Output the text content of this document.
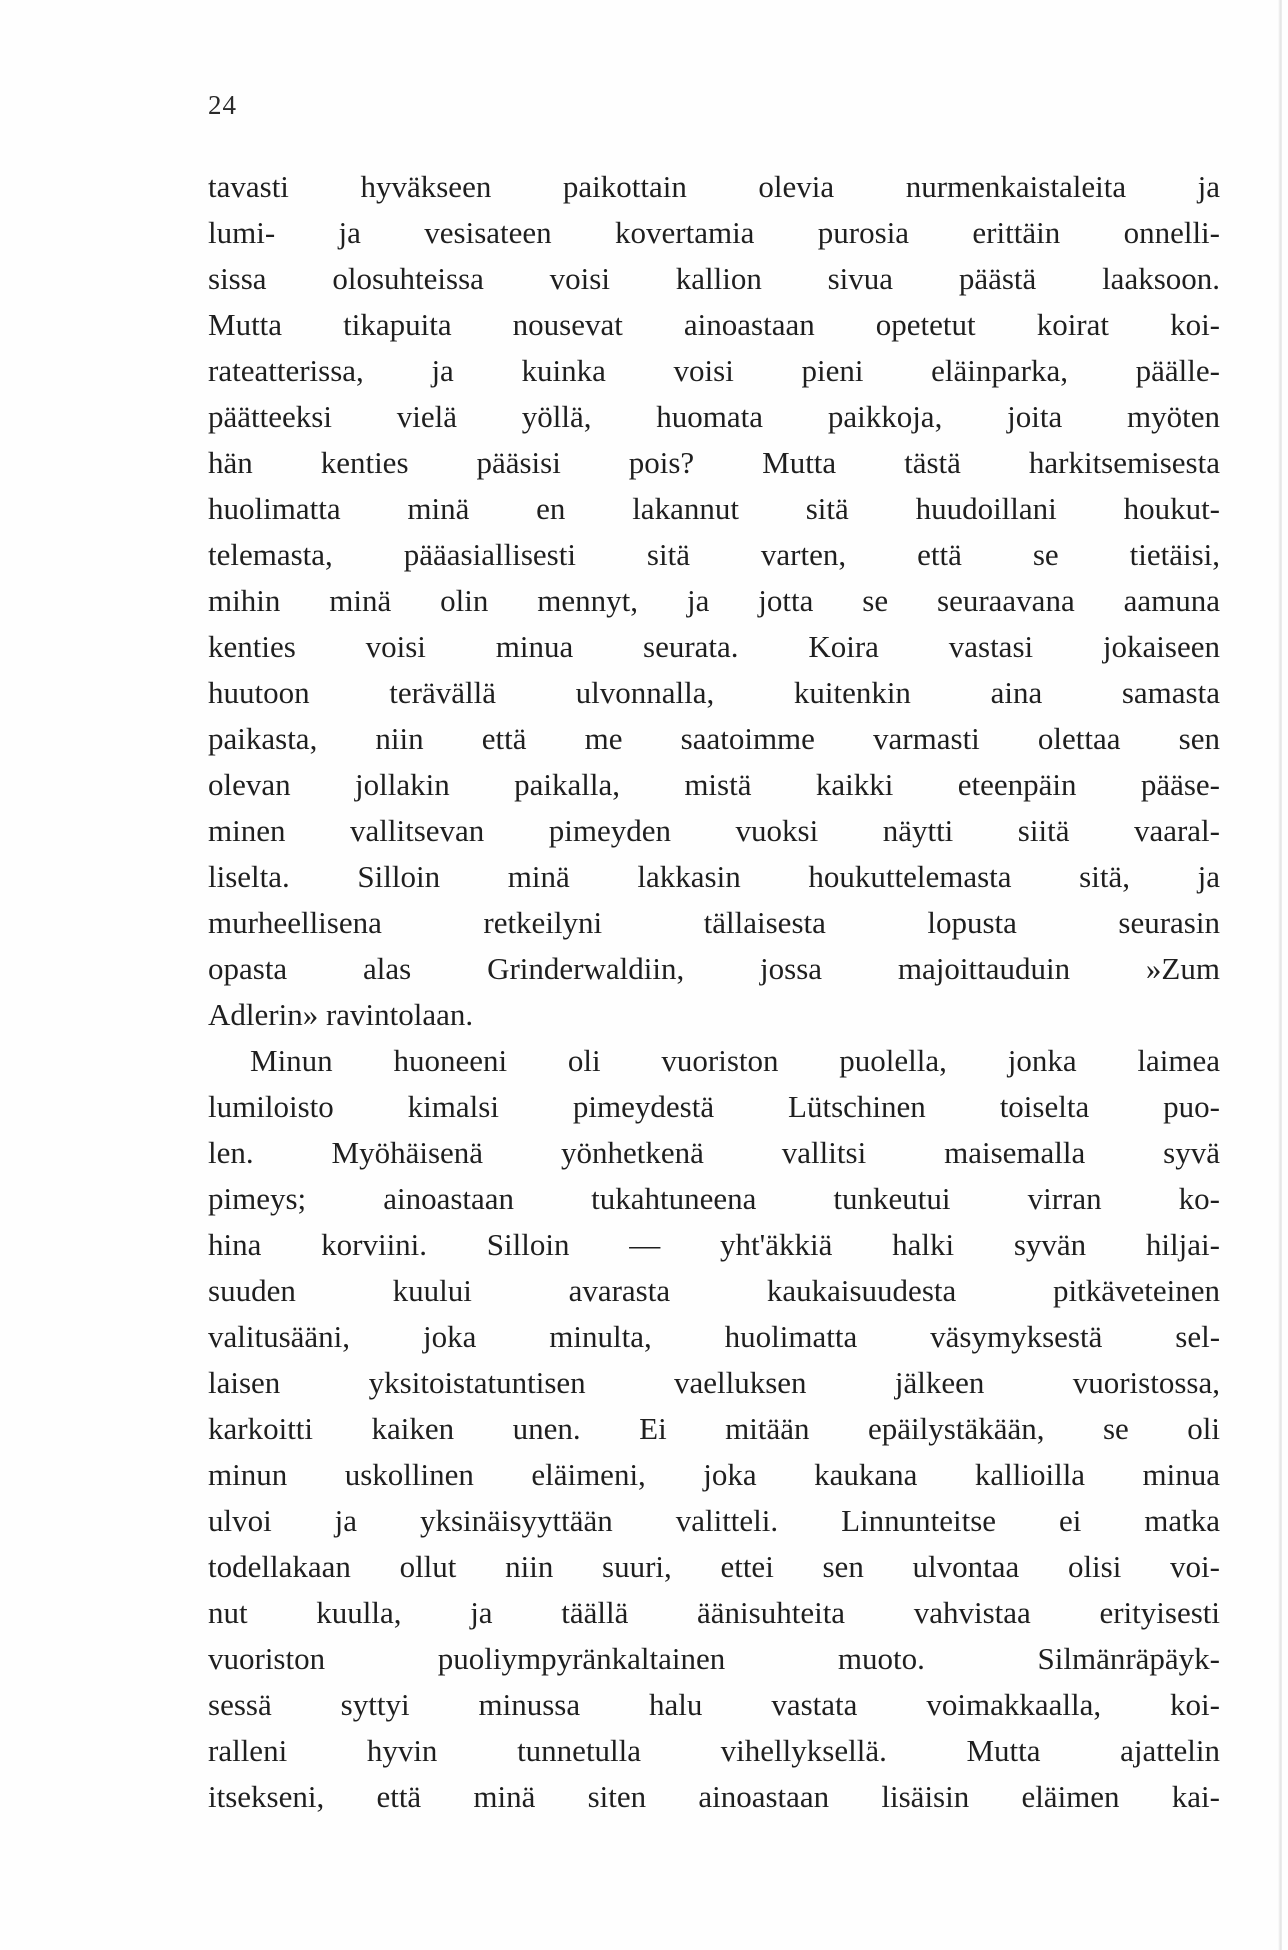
24
tavasti hyväkseen paikottain olevia nurmenkaistaleita ja
lumi- ja vesisateen kovertamia purosia erittäin onnelli-
sissa olosuhteissa voisi kallion sivua päästä laaksoon.
Mutta tikapuita nousevat ainoastaan opetetut koirat koi-
rateatterissa, ja kuinka voisi pieni eläinparka, päälle-
päätteeksi vielä yöllä, huomata paikkoja, joita myöten
hän kenties pääsisi pois? Mutta tästä harkitsemisesta
huolimatta minä en lakannut sitä huudoillani houkut-
telemasta, pääasiallisesti sitä varten, että se tietäisi,
mihin minä olin mennyt, ja jotta se seuraavana aamuna
kenties voisi minua seurata. Koira vastasi jokaiseen
huutoon terävällä ulvonnalla, kuitenkin aina samasta
paikasta, niin että me saatoimme varmasti olettaa sen
olevan jollakin paikalla, mistä kaikki eteenpäin pääse-
minen vallitsevan pimeyden vuoksi näytti siitä vaaral-
liselta. Silloin minä lakkasin houkuttelemasta sitä, ja
murheellisena retkeilyni tällaisesta lopusta seurasin
opasta alas Grinderwaldiin, jossa majoittauduin »Zum
Adlerin» ravintolaan.
Minun huoneeni oli vuoriston puolella, jonka laimea
lumiloisto kimalsi pimeydestä Lütschinen toiselta puo-
len. Myöhäisenä yönhetkenä vallitsi maisemalla syvä
pimeys; ainoastaan tukahtuneena tunkeutui virran ko-
hina korviini. Silloin — yht'äkkiä halki syvän hiljai-
suuden kuului avarasta kaukaisuudesta pitkäveteinen
valitusääni, joka minulta, huolimatta väsymyksestä sel-
laisen yksitoistatuntisen vaelluksen jälkeen vuoristossa,
karkoitti kaiken unen. Ei mitään epäilystäkään, se oli
minun uskollinen eläimeni, joka kaukana kallioilla minua
ulvoi ja yksinäisyyttään valitteli. Linnunteitse ei matka
todellakaan ollut niin suuri, ettei sen ulvontaa olisi voi-
nut kuulla, ja täällä äänisuhteita vahvistaa erityisesti
vuoriston puoliympyränkaltainen muoto. Silmänräpäyk-
sessä syttyi minussa halu vastata voimakkaalla, koi-
ralleni hyvin tunnetulla vihellyksellä. Mutta ajattelin
itsekseni, että minä siten ainoastaan lisäisin eläimen kai-
